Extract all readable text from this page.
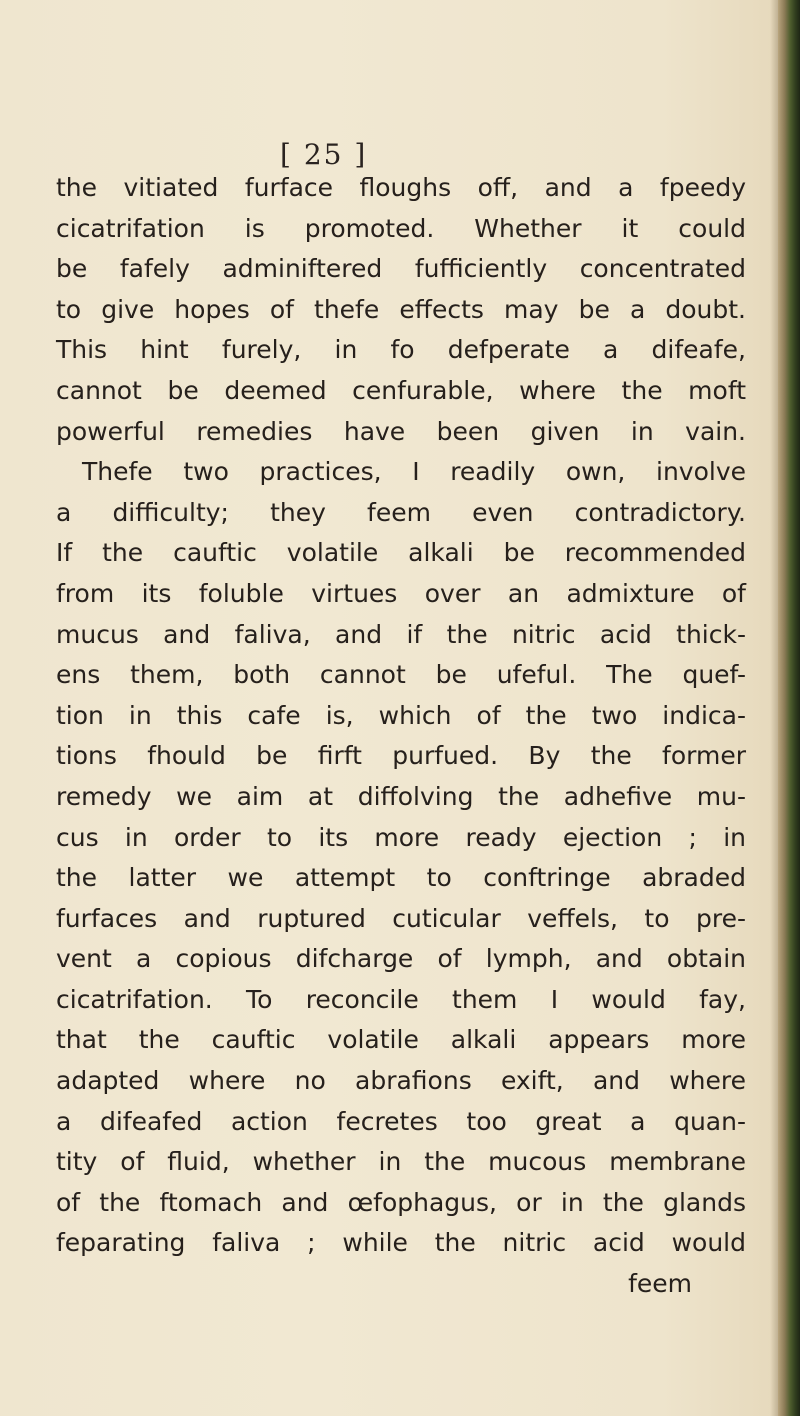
[ 25 ]
the vitiated furface floughs off, and a fpeedy
cicatrifation is promoted. Whether it could
be fafely adminiftered fufficiently concentrated
to give hopes of thefe effects may be a doubt.
This hint furely, in fo defperate a difeafe,
cannot be deemed cenfurable, where the moft
powerful remedies have been given in vain.
Thefe two practices, I readily own, involve
a difficulty; they feem even contradictory.
If the cauftic volatile alkali be recommended
from its foluble virtues over an admixture of
mucus and faliva, and if the nitric acid thick-
ens them, both cannot be ufeful. The quef-
tion in this cafe is, which of the two indica-
tions fhould be firft purfued. By the former
remedy we aim at diffolving the adhefive mu-
cus in order to its more ready ejection ; in
the latter we attempt to conftringe abraded
furfaces and ruptured cuticular veffels, to pre-
vent a copious difcharge of lymph, and obtain
cicatrifation. To reconcile them I would fay,
that the cauftic volatile alkali appears more
adapted where no abrafions exift, and where
a difeafed action fecretes too great a quan-
tity of fluid, whether in the mucous membrane
of the ftomach and œfophagus, or in the glands
feparating faliva ; while the nitric acid would
feem
